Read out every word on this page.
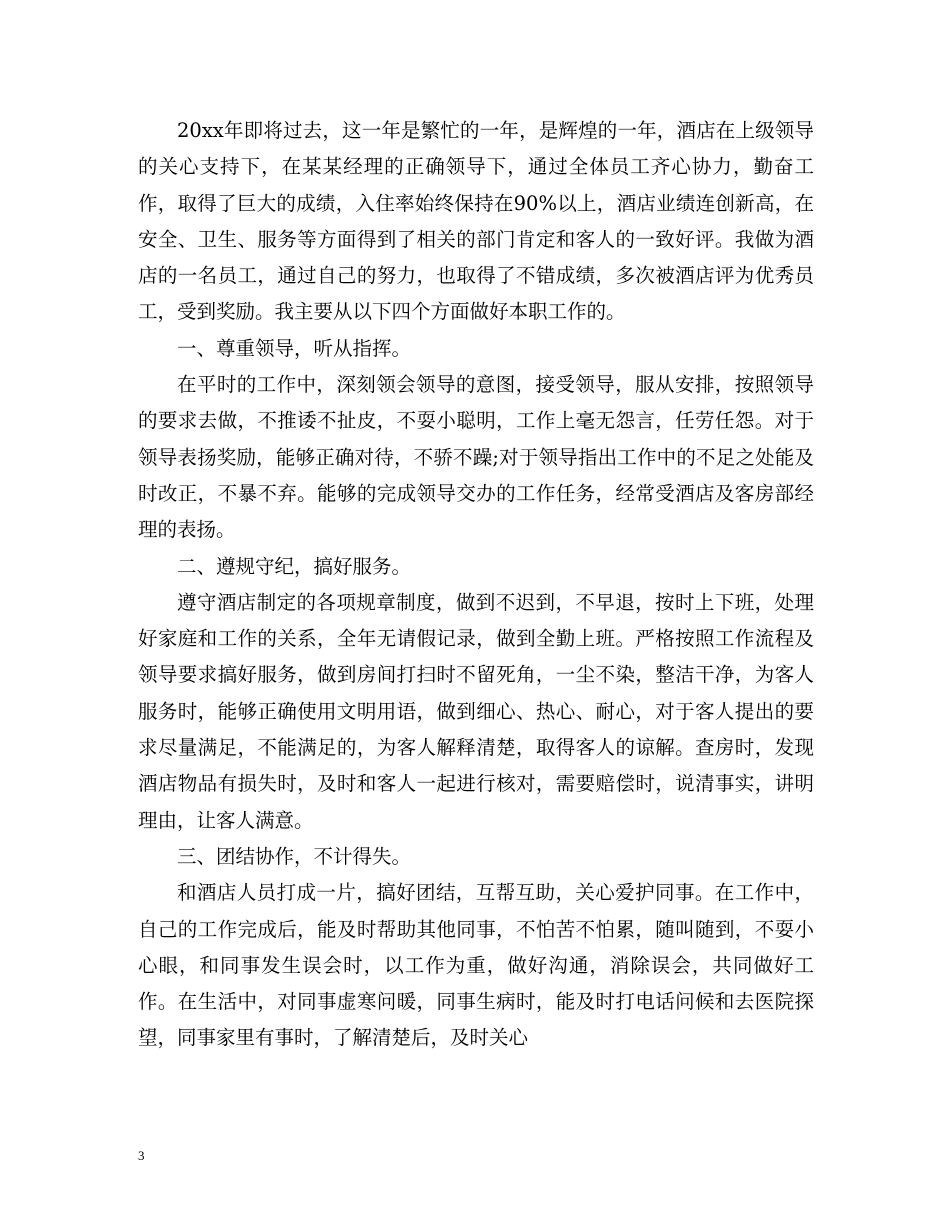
20xx年即将过去，这一年是繁忙的一年，是辉煌的一年，酒店在上级领导的关心支持下，在某某经理的正确领导下，通过全体员工齐心协力，勤奋工作，取得了巨大的成绩，入住率始终保持在90%以上，酒店业绩连创新高，在安全、卫生、服务等方面得到了相关的部门肯定和客人的一致好评。我做为酒店的一名员工，通过自己的努力，也取得了不错成绩，多次被酒店评为优秀员工，受到奖励。我主要从以下四个方面做好本职工作的。

一、尊重领导，听从指挥。

在平时的工作中，深刻领会领导的意图，接受领导，服从安排，按照领导的要求去做，不推诿不扯皮，不耍小聪明，工作上毫无怨言，任劳任怨。对于领导表扬奖励，能够正确对待，不骄不躁;对于领导指出工作中的不足之处能及时改正，不暴不弃。能够的完成领导交办的工作任务，经常受酒店及客房部经理的表扬。

二、遵规守纪，搞好服务。

遵守酒店制定的各项规章制度，做到不迟到，不早退，按时上下班，处理好家庭和工作的关系，全年无请假记录，做到全勤上班。严格按照工作流程及领导要求搞好服务，做到房间打扫时不留死角，一尘不染，整洁干净，为客人服务时，能够正确使用文明用语，做到细心、热心、耐心，对于客人提出的要求尽量满足，不能满足的，为客人解释清楚，取得客人的谅解。查房时，发现酒店物品有损失时，及时和客人一起进行核对，需要赔偿时，说清事实，讲明理由，让客人满意。

三、团结协作，不计得失。

和酒店人员打成一片，搞好团结，互帮互助，关心爱护同事。在工作中，自己的工作完成后，能及时帮助其他同事，不怕苦不怕累，随叫随到，不耍小心眼，和同事发生误会时，以工作为重，做好沟通，消除误会，共同做好工作。在生活中，对同事虚寒问暖，同事生病时，能及时打电话问候和去医院探望，同事家里有事时，了解清楚后，及时关心

3
